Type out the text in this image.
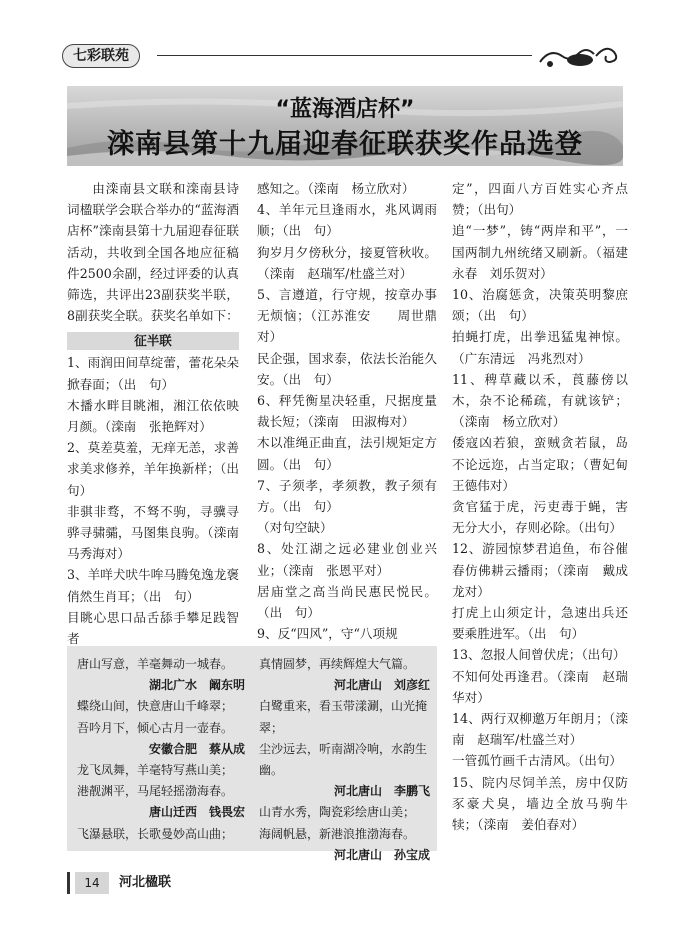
七彩联苑
“蓝海酒店杯”
滦南县第十九届迎春征联获奖作品选登

由滦南县文联和滦南县诗词楹联学会联合举办的“蓝海酒店杯”滦南县第十九届迎春征联活动，共收到全国各地应征稿件2500余副，经过评委的认真筛选，共评出23副获奖半联，8副获奖全联。获奖名单如下：

征半联

1、雨润田间草绽蕾，蕾花朵朵掀春面；（出　句）

木播水畔目眺湘，湘江依依映月颜。（滦南　张艳辉对）

2、莫差莫羞，无痒无恙，求善求美求修养，羊年换新样；（出　句）

非骐非骛，不驽不驹，寻骥寻骅寻骕骦，马图集良驹。（滦南　马秀海对）

3、羊咩犬吠牛哞马腾兔逸龙褒俏然生肖耳；（出　句）

目眺心思口品舌舔手攀足践智者

感知之。（滦南　杨立欣对）

4、羊年元旦逢雨水，兆风调雨顺；（出　句）

狗岁月夕傍秋分，接夏管秋收。（滦南　赵瑞军/杜盛兰对）

5、言遵道，行守规，按章办事无烦恼；（江苏淮安　　周世鼎对）

民企强，国求泰，依法长治能久安。（出　句）

6、秤凭衡星决轻重，尺据度量裁长短；（滦南　田淑梅对）

木以准绳正曲直，法引规矩定方圆。（出　句）

7、子须孝，孝须教，教子须有方。（出　句）

（对句空缺）

8、处江湖之远必建业创业兴业；（滦南　张恩平对）

居庙堂之高当尚民惠民悦民。（出　句）

9、反“四风”，守“八项规

定”，四面八方百姓实心齐点赞；（出句）

追“一梦”，铸“两岸和平”，一国两制九州统绪又刷新。（福建永春　刘乐贺对）

10、治腐惩贪，决策英明黎庶颂；（出　句）

拍蝇打虎，出拳迅猛鬼神惊。（广东清远　冯兆烈对）

11、稗草藏以禾，莨藤傍以木，杂不论稀疏，有就该铲；（滦南　杨立欣对）

倭寇凶若狼，蛮贼贪若鼠，岛不论远迩，占当定取；（曹妃甸　王德伟对）

贪官猛于虎，污吏毒于蝇，害无分大小，存则必除。（出句）

12、游园惊梦君追鱼，布谷催春仿佛耕云播雨；（滦南　戴成龙对）

打虎上山须定计，急速出兵还要乘胜进军。（出　句）

13、忽报人间曾伏虎；（出句）

不知何处再逢君。（滦南　赵瑞华对）

14、两行双柳邀万年朗月；（滦南　赵瑞军/杜盛兰对）

一管孤竹画千古清风。（出句）

15、院内尽饲羊羔，房中仅防豕豪犬臭，墙边全放马驹牛犊；（滦南　姜伯春对）

唐山写意，羊毫舞动一城春。

湖北广水　阚东明

蝶绕山间，快意唐山千峰翠；

吾吟月下，倾心古月一壶春。

安徽合肥　蔡从成

龙飞凤舞，羊毫特写燕山美；

港靓渊平，马尾轻摇渤海春。

唐山迁西　钱畏宏

飞瀑悬联，长歌曼妙高山曲；

真情圆梦，再续辉煌大气篇。

河北唐山　刘彦红

白鹭重来，看玉带漾涮，山光掩翠；

尘沙远去，听南湖冷响，水韵生幽。

河北唐山　李鹏飞

山青水秀，陶瓷彩绘唐山美；

海阔帆悬，新港浪推渤海春。

河北唐山　孙宝成

14	河北楹联
